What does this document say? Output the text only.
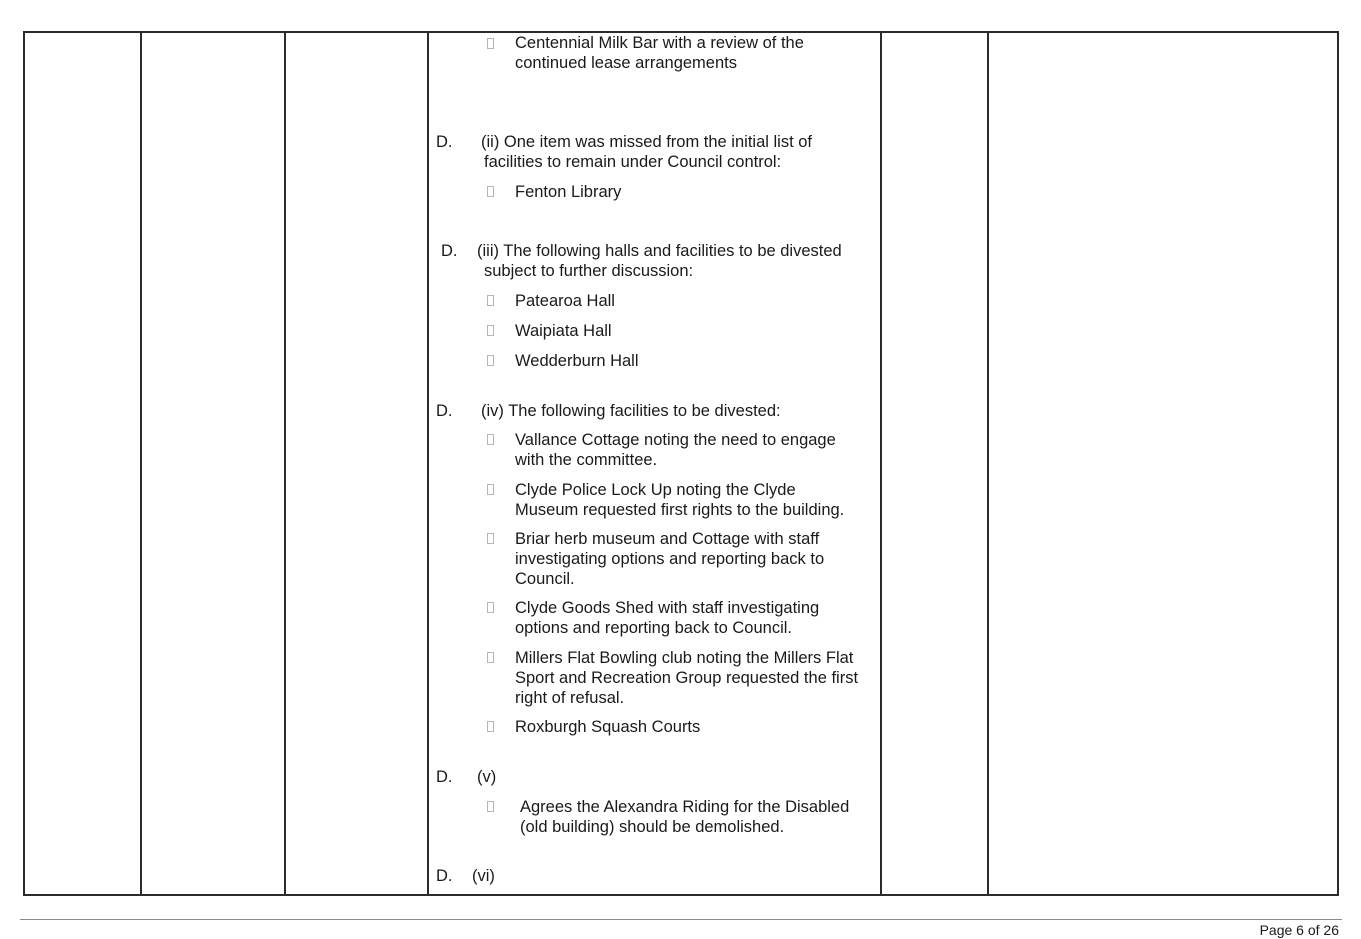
Centennial Milk Bar with a review of the
continued lease arrangements
D. (ii) One item was missed from the initial list of
facilities to remain under Council control:
Fenton Library
D. (iii) The following halls and facilities to be divested
subject to further discussion:
Patearoa Hall
Waipiata Hall
Wedderburn Hall
D. (iv) The following facilities to be divested:
Vallance Cottage noting the need to engage
with the committee.
Clyde Police Lock Up noting the Clyde
Museum requested first rights to the building.
Briar herb museum and Cottage with staff
investigating options and reporting back to
Council.
Clyde Goods Shed with staff investigating
options and reporting back to Council.
Millers Flat Bowling club noting the Millers Flat
Sport and Recreation Group requested the first
right of refusal.
Roxburgh Squash Courts
D. (v)
Agrees the Alexandra Riding for the Disabled
(old building) should be demolished.
D. (vi)
Page 6 of 26
